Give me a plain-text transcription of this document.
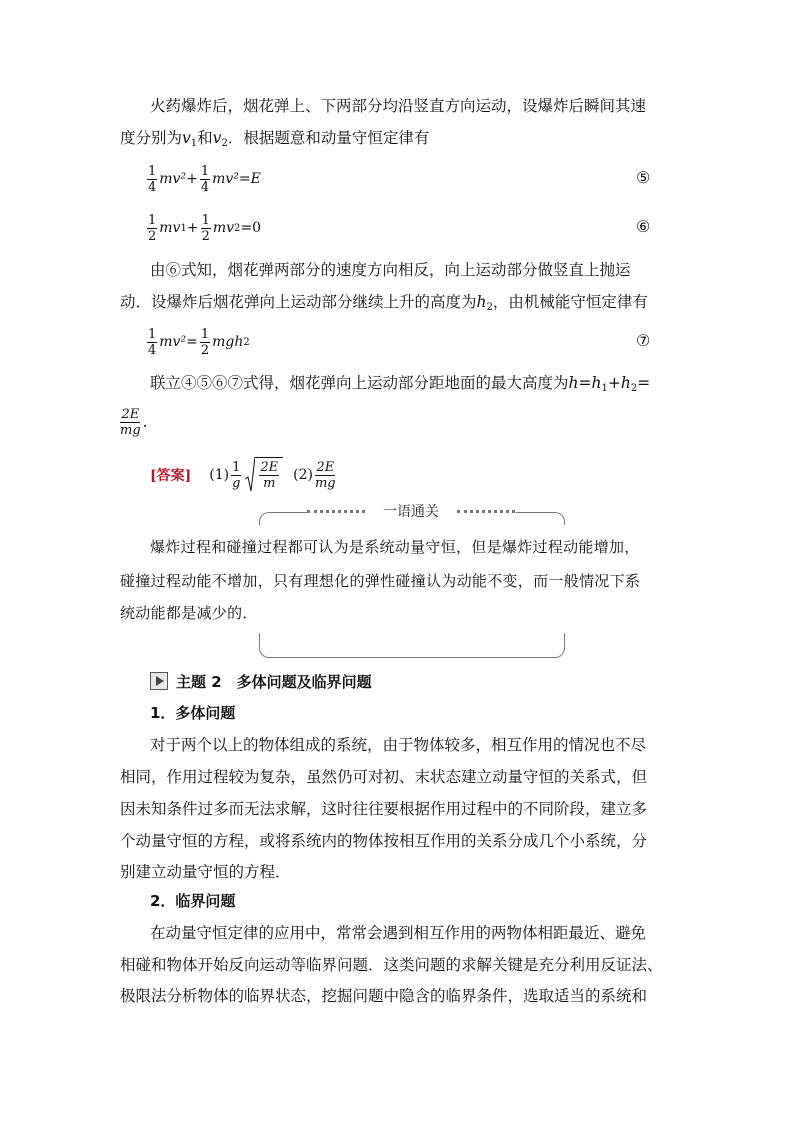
火药爆炸后，烟花弹上、下两部分均沿竖直方向运动，设爆炸后瞬间其速
度分别为$v_1$和$v_2$．根据题意和动量守恒定律有
$\frac{1}{4} mv^2+ \frac{1}{4} mv^2=E$	⑤
$\frac{1}{2}$ mv $1 + \frac{1}{2}$ mv 2 =0	⑥
由⑥式知，烟花弹两部分的速度方向相反，向上运动部分做竖直上抛运
动．设爆炸后烟花弹向上运动部分继续上升的高度为$h_2$，由机械能守恒定律有
$\frac{1}{4} mv^2= \frac{1}{2}$ mgh 2	⑦
联立④⑤⑥⑦式得，烟花弹向上运动部分距地面的最大高度为$h=h_1+h_2=$
$\frac{2E}{mg}$ .
[答案] $(1) \frac{1}{g} \frac{2E}{m} (2) \frac{2E}{mg}$
一语通关
爆炸过程和碰撞过程都可认为是系统动量守恒，但是爆炸过程动能增加，
碰撞过程动能不增加，只有理想化的弹性碰撞认为动能不变，而一般情况下系
统动能都是减少的．
主题 2　多体问题及临界问题
1．多体问题
对于两个以上的物体组成的系统，由于物体较多，相互作用的情况也不尽
相同，作用过程较为复杂，虽然仍可对初、末状态建立动量守恒的关系式，但
因未知条件过多而无法求解，这时往往要根据作用过程中的不同阶段，建立多
个动量守恒的方程，或将系统内的物体按相互作用的关系分成几个小系统，分
别建立动量守恒的方程．
2．临界问题
在动量守恒定律的应用中，常常会遇到相互作用的两物体相距最近、避免
相碰和物体开始反向运动等临界问题．这类问题的求解关键是充分利用反证法、
极限法分析物体的临界状态，挖掘问题中隐含的临界条件，选取适当的系统和
